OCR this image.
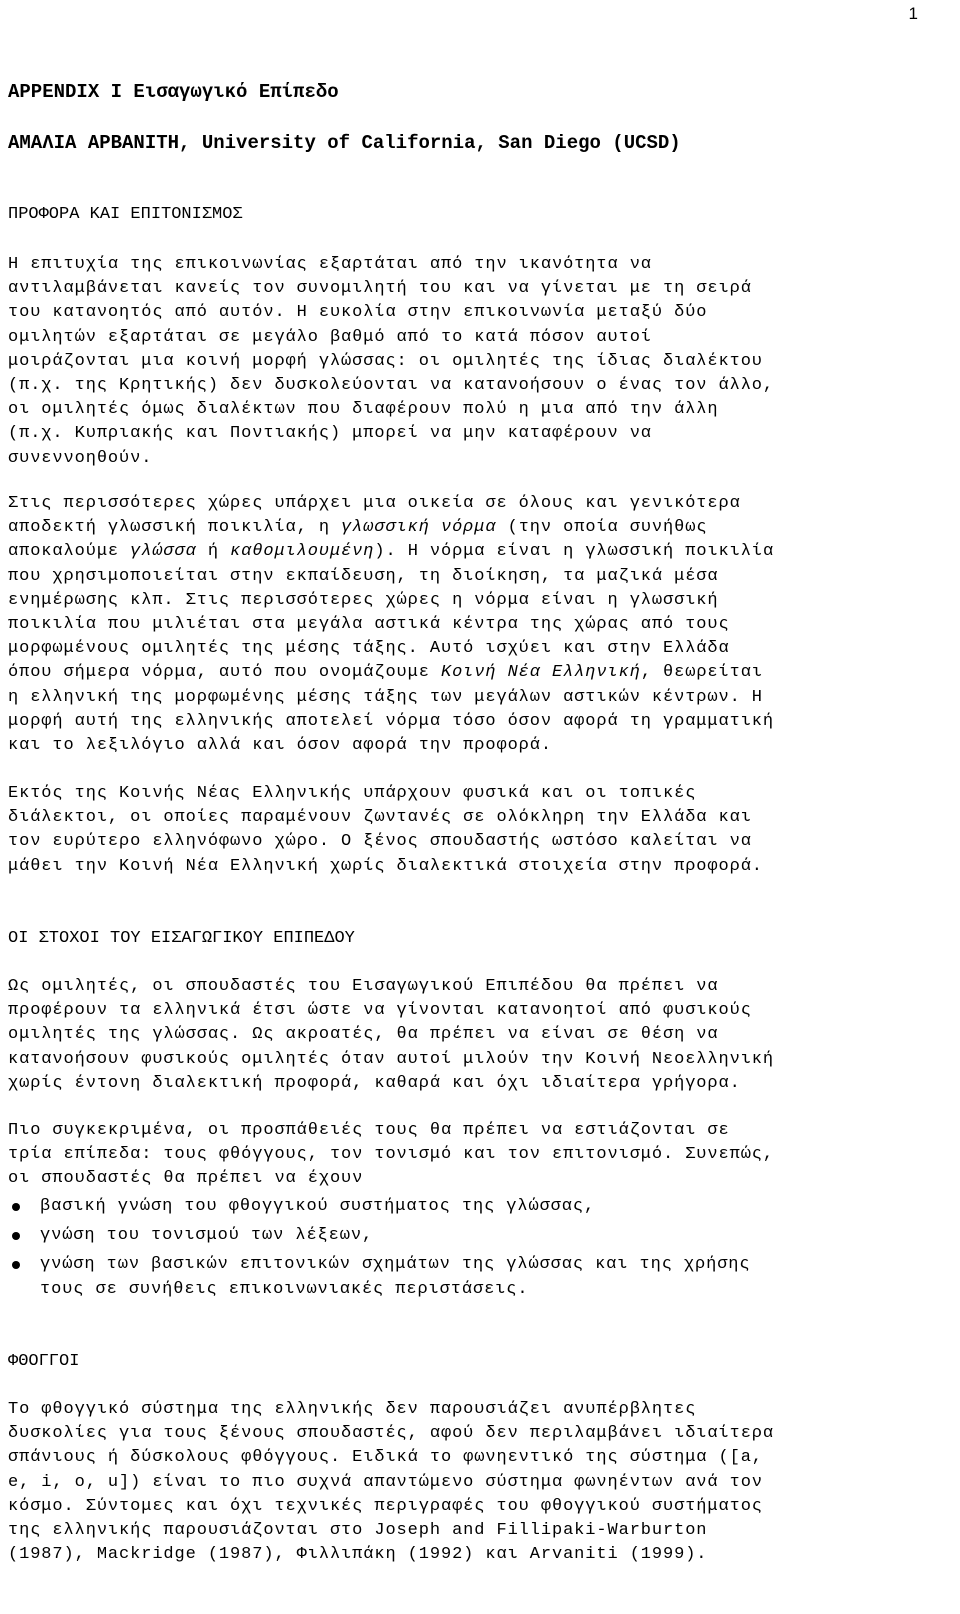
1
APPENDIX I Εισαγωγικό Επίπεδο
ΑΜΑΛΙΑ ΑΡΒΑΝΙΤΗ, University of California, San Diego (UCSD)
ΠΡΟΦΟΡΑ ΚΑΙ ΕΠΙΤΟΝΙΣΜΟΣ
Η επιτυχία της επικοινωνίας εξαρτάται από την ικανότητα να
αντιλαμβάνεται κανείς τον συνομιλητή του και να γίνεται με τη σειρά
του κατανοητός από αυτόν. Η ευκολία στην επικοινωνία μεταξύ δύο
ομιλητών εξαρτάται σε μεγάλο βαθμό από το κατά πόσον αυτοί
μοιράζονται μια κοινή μορφή γλώσσας: οι ομιλητές της ίδιας διαλέκτου
(π.χ. της Κρητικής) δεν δυσκολεύονται να κατανοήσουν ο ένας τον άλλο,
οι ομιλητές όμως διαλέκτων που διαφέρουν πολύ η μια από την άλλη
(π.χ. Κυπριακής και Ποντιακής) μπορεί να μην καταφέρουν να
συνεννοηθούν.
Στις περισσότερες χώρες υπάρχει μια οικεία σε όλους και γενικότερα
αποδεκτή γλωσσική ποικιλία, η γλωσσική νόρμα (την οποία συνήθως
αποκαλούμε γλώσσα ή καθομιλουμένη). Η νόρμα είναι η γλωσσική ποικιλία
που χρησιμοποιείται στην εκπαίδευση, τη διοίκηση, τα μαζικά μέσα
ενημέρωσης κλπ. Στις περισσότερες χώρες η νόρμα είναι η γλωσσική
ποικιλία που μιλιέται στα μεγάλα αστικά κέντρα της χώρας από τους
μορφωμένους ομιλητές της μέσης τάξης. Αυτό ισχύει και στην Ελλάδα
όπου σήμερα νόρμα, αυτό που ονομάζουμε Κοινή Νέα Ελληνική, θεωρείται
η ελληνική της μορφωμένης μέσης τάξης των μεγάλων αστικών κέντρων. Η
μορφή αυτή της ελληνικής αποτελεί νόρμα τόσο όσον αφορά τη γραμματική
και το λεξιλόγιο αλλά και όσον αφορά την προφορά.
Εκτός της Κοινής Νέας Ελληνικής υπάρχουν φυσικά και οι τοπικές
διάλεκτοι, οι οποίες παραμένουν ζωντανές σε ολόκληρη την Ελλάδα και
τον ευρύτερο ελληνόφωνο χώρο. Ο ξένος σπουδαστής ωστόσο καλείται να
μάθει την Κοινή Νέα Ελληνική χωρίς διαλεκτικά στοιχεία στην προφορά.
ΟΙ ΣΤΟΧΟΙ ΤΟΥ ΕΙΣΑΓΩΓΙΚΟΥ ΕΠΙΠΕΔΟΥ
Ως ομιλητές, οι σπουδαστές του Εισαγωγικού Επιπέδου θα πρέπει να
προφέρουν τα ελληνικά έτσι ώστε να γίνονται κατανοητοί από φυσικούς
ομιλητές της γλώσσας. Ως ακροατές, θα πρέπει να είναι σε θέση να
κατανοήσουν φυσικούς ομιλητές όταν αυτοί μιλούν την Κοινή Νεοελληνική
χωρίς έντονη διαλεκτική προφορά, καθαρά και όχι ιδιαίτερα γρήγορα.
Πιο συγκεκριμένα, οι προσπάθειές τους θα πρέπει να εστιάζονται σε
τρία επίπεδα: τους φθόγγους, τον τονισμό και τον επιτονισμό. Συνεπώς,
οι σπουδαστές θα πρέπει να έχουν
βασική γνώση του φθογγικού συστήματος της γλώσσας,
γνώση του τονισμού των λέξεων,
γνώση των βασικών επιτονικών σχημάτων της γλώσσας και της χρήσης
τους σε συνήθεις επικοινωνιακές περιστάσεις.
ΦΘΟΓΓΟΙ
Το φθογγικό σύστημα της ελληνικής δεν παρουσιάζει ανυπέρβλητες
δυσκολίες για τους ξένους σπουδαστές, αφού δεν περιλαμβάνει ιδιαίτερα
σπάνιους ή δύσκολους φθόγγους. Ειδικά το φωνηεντικό της σύστημα ([a,
e, i, o, u]) είναι το πιο συχνά απαντώμενο σύστημα φωνηέντων ανά τον
κόσμο. Σύντομες και όχι τεχνικές περιγραφές του φθογγικού συστήματος
της ελληνικής παρουσιάζονται στο Joseph and Fillipaki-Warburton
(1987), Mackridge (1987), Φιλλιπάκη (1992) και Arvaniti (1999).
